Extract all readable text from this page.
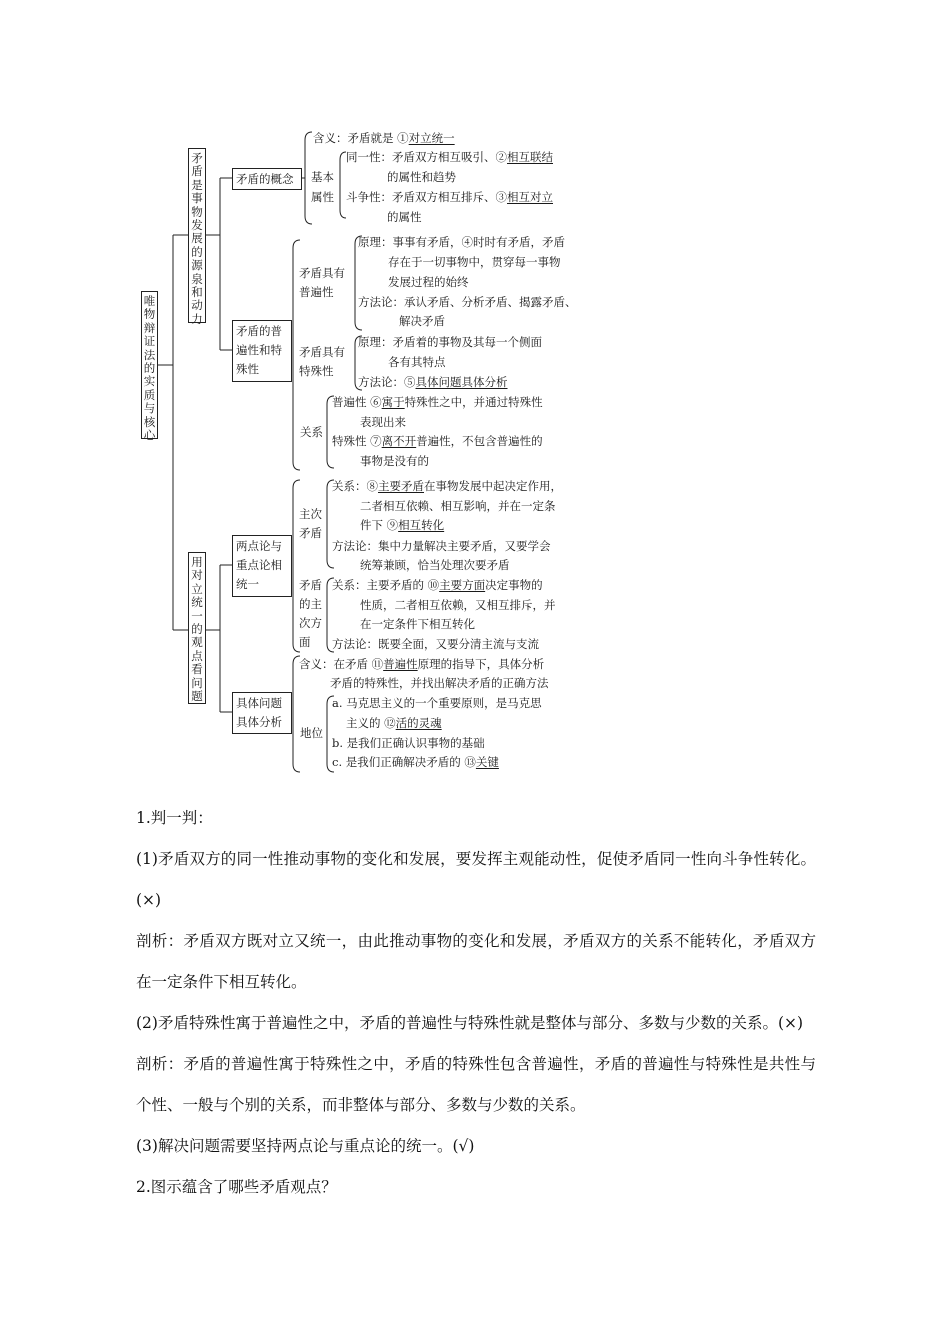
唯物辩证法的实质与核心
矛盾是事物发展的源泉和动力
用对立统一的观点看问题
矛盾的概念
矛盾的普遍性和特殊性
两点论与重点论相统一
具体问题具体分析
含义：矛盾就是 ①对立统一
基本
属性
同一性：矛盾双方相互吸引、②相互联结
的属性和趋势
斗争性：矛盾双方相互排斥、③相互对立
的属性
矛盾具有普遍性
原理：事事有矛盾，④时时有矛盾，矛盾
存在于一切事物中，贯穿每一事物
发展过程的始终
方法论：承认矛盾、分析矛盾、揭露矛盾、
解决矛盾
矛盾具有特殊性
原理：矛盾着的事物及其每一个侧面
各有其特点
方法论：⑤具体问题具体分析
关系
普遍性 ⑥寓于特殊性之中，并通过特殊性
表现出来
特殊性 ⑦离不开普遍性，不包含普遍性的
事物是没有的
主次矛盾
关系：⑧主要矛盾在事物发展中起决定作用，
二者相互依赖、相互影响，并在一定条
件下 ⑨相互转化
方法论：集中力量解决主要矛盾，又要学会
统筹兼顾，恰当处理次要矛盾
矛盾的主次方面
关系：主要矛盾的 ⑩主要方面决定事物的
性质，二者相互依赖，又相互排斥，并
在一定条件下相互转化
方法论：既要全面，又要分清主流与支流
含义：在矛盾 ⑪普遍性原理的指导下，具体分析
矛盾的特殊性，并找出解决矛盾的正确方法
地位
a. 马克思主义的一个重要原则，是马克思
主义的 ⑫活的灵魂
b. 是我们正确认识事物的基础
c. 是我们正确解决矛盾的 ⑬关键

1.判一判：

(1)矛盾双方的同一性推动事物的变化和发展，要发挥主观能动性，促使矛盾同一性向斗争性转化。(×)

剖析：矛盾双方既对立又统一，由此推动事物的变化和发展，矛盾双方的关系不能转化，矛盾双方在一定条件下相互转化。

(2)矛盾特殊性寓于普遍性之中，矛盾的普遍性与特殊性就是整体与部分、多数与少数的关系。(×)

剖析：矛盾的普遍性寓于特殊性之中，矛盾的特殊性包含普遍性，矛盾的普遍性与特殊性是共性与个性、一般与个别的关系，而非整体与部分、多数与少数的关系。

(3)解决问题需要坚持两点论与重点论的统一。(√)

2.图示蕴含了哪些矛盾观点？
